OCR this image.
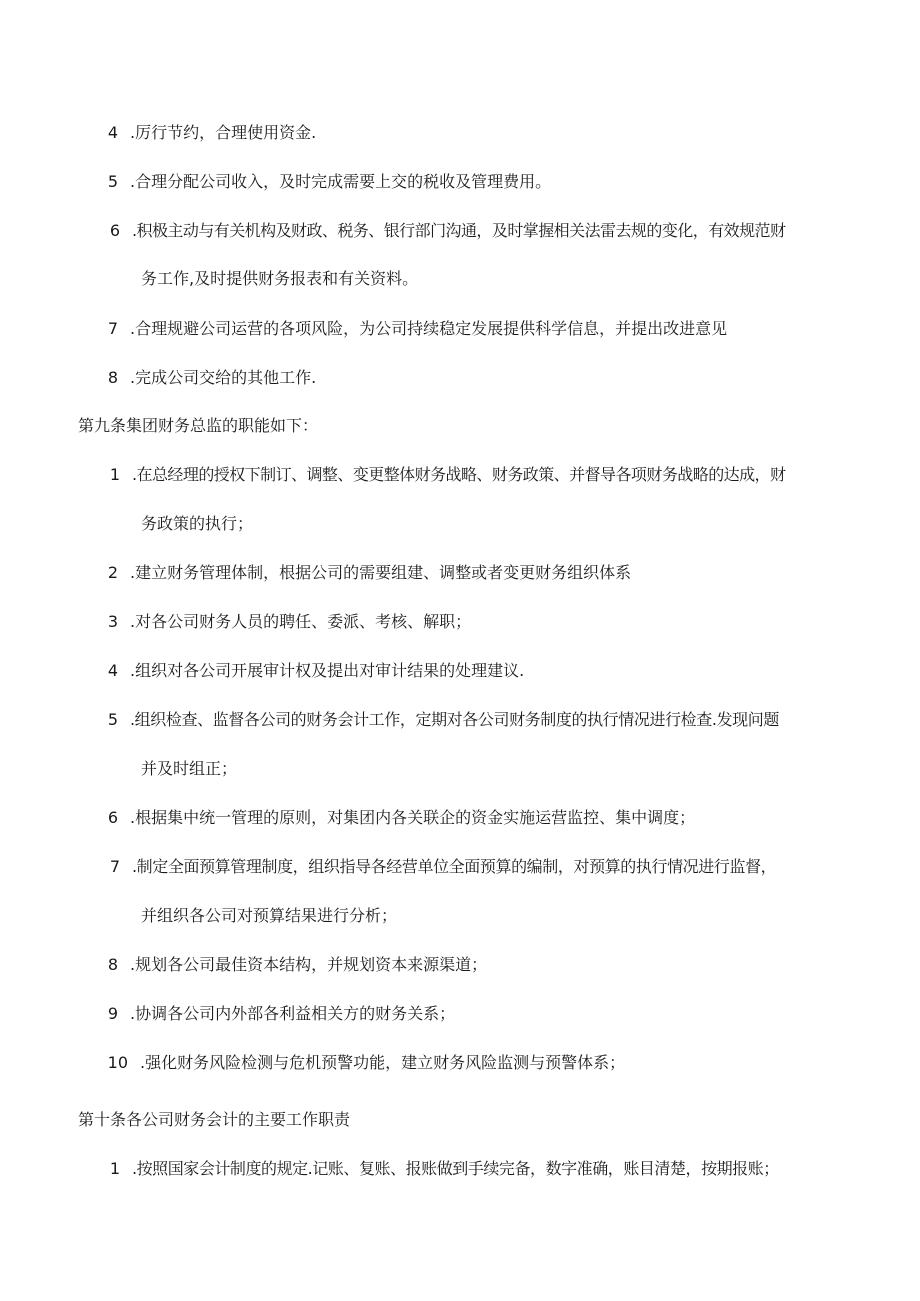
4 .厉行节约，合理使用资金.
5 .合理分配公司收入，及时完成需要上交的税收及管理费用。
6 .积极主动与有关机构及财政、税务、银行部门沟通，及时掌握相关法雷去规的变化，有效规范财
务工作,及时提供财务报表和有关资料。
7 .合理规避公司运营的各项风险，为公司持续稳定发展提供科学信息，并提出改进意见
8 .完成公司交给的其他工作.
第九条集团财务总监的职能如下：
1 .在总经理的授权下制订、调整、变更整体财务战略、财务政策、并督导各项财务战略的达成，财
务政策的执行；
2 .建立财务管理体制，根据公司的需要组建、调整或者变更财务组织体系
3 .对各公司财务人员的聘任、委派、考核、解职；
4 .组织对各公司开展审计权及提出对审计结果的处理建议.
5 .组织检查、监督各公司的财务会计工作，定期对各公司财务制度的执行情况进行检查.发现问题
并及时组正；
6 .根据集中统一管理的原则，对集团内各关联企的资金实施运营监控、集中调度；
7 .制定全面预算管理制度，组织指导各经营单位全面预算的编制，对预算的执行情况进行监督，
并组织各公司对预算结果进行分析；
8 .规划各公司最佳资本结构，并规划资本来源渠道；
9 .协调各公司内外部各利益相关方的财务关系；
10 .强化财务风险检测与危机预警功能，建立财务风险监测与预警体系；
第十条各公司财务会计的主要工作职责
1 .按照国家会计制度的规定.记账、复账、报账做到手续完备，数字准确，账目清楚，按期报账；
